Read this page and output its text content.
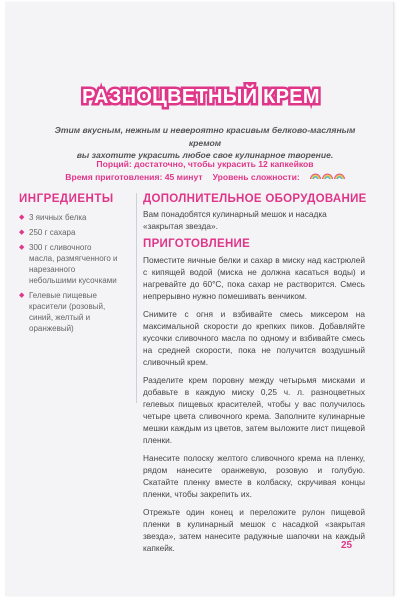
РАЗНОЦВЕТНЫЙ КРЕМ
Этим вкусным, нежным и невероятно красивым белково-масляным кремом
вы захотите украсить любое свое кулинарное творение.
Порций: достаточно, чтобы украсить 12 капкейков
Время приготовления: 45 минут Уровень сложности:
ИНГРЕДИЕНТЫ
◆ 3 яичных белка
◆ 250 г сахара
◆ 300 г сливочного масла, размягченного и нарезанного небольшими кусочками
◆ Гелевые пищевые красители (розовый, синий, желтый и оранжевый)
ДОПОЛНИТЕЛЬНОЕ ОБОРУДОВАНИЕ
Вам понадобятся кулинарный мешок и насадка «закрытая звезда».
ПРИГОТОВЛЕНИЕ

Поместите яичные белки и сахар в миску над кастрюлей с кипящей водой (миска не должна касаться воды) и нагревайте до 60°С, пока сахар не растворится. Смесь непрерывно нужно помешивать венчиком.

Снимите с огня и взбивайте смесь миксером на максимальной скорости до крепких пиков. Добавляйте кусочки сливочного масла по одному и взбивайте смесь на средней скорости, пока не получится воздушный сливочный крем.

Разделите крем поровну между четырьмя мисками и добавьте в каждую миску 0,25 ч. л. разноцветных гелевых пищевых красителей, чтобы у вас получилось четыре цвета сливочного крема. Заполните кулинарные мешки каждым из цветов, затем выложите лист пищевой пленки.

Нанесите полоску желтого сливочного крема на пленку, рядом нанесите оранжевую, розовую и голубую. Скатайте пленку вместе в колбаску, скручивая концы пленки, чтобы закрепить их.

Отрежьте один конец и переложите рулон пищевой пленки в кулинарный мешок с насадкой «закрытая звезда», затем нанесите радужные шапочки на каждый капкейк.	25
